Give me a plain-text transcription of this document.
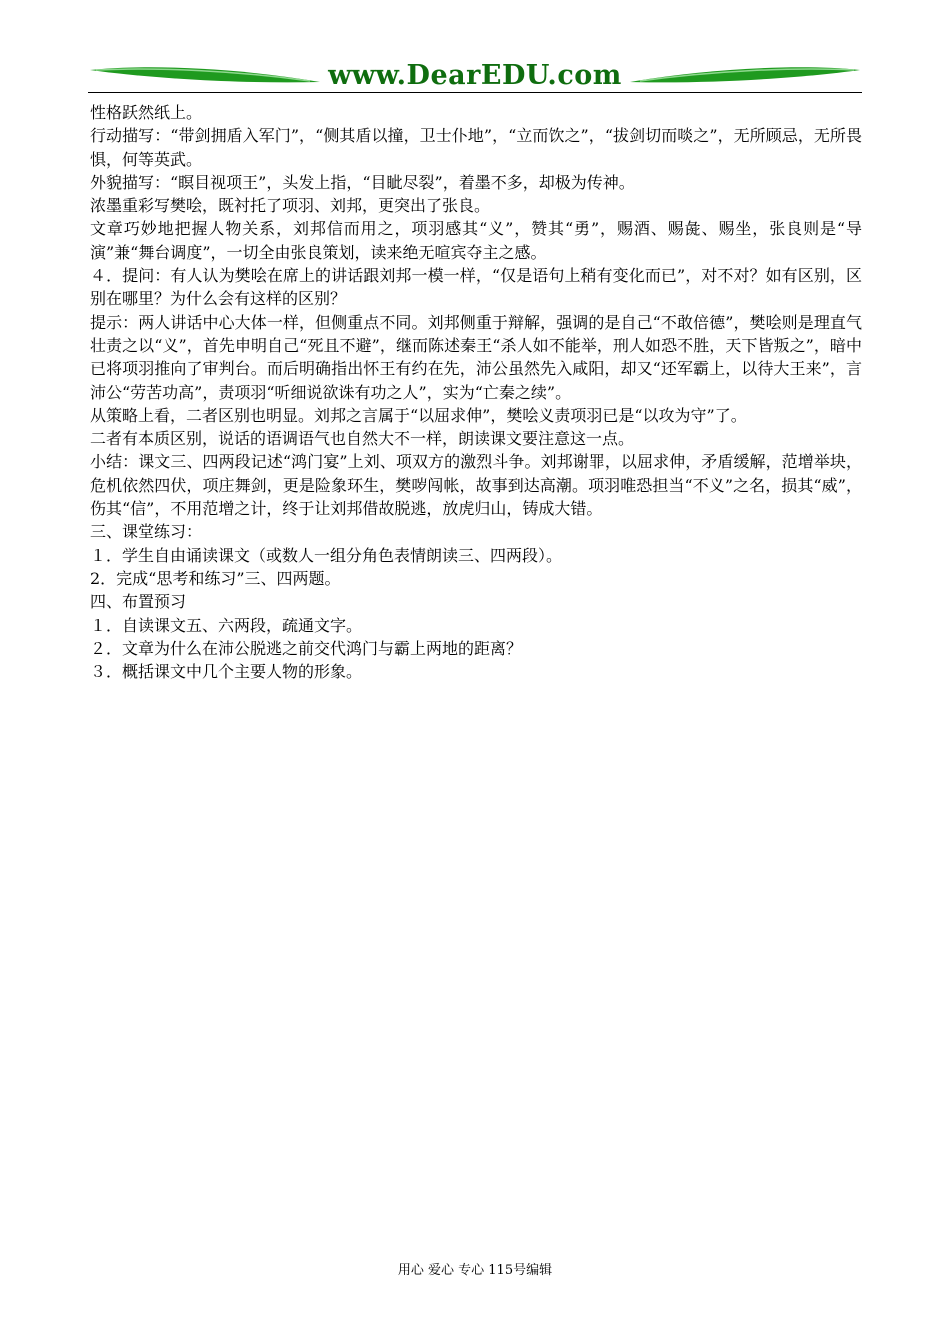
www.DearEDU.com

性格跃然纸上。

行动描写：“带剑拥盾入军门”，“侧其盾以撞，卫士仆地”，“立而饮之”，“拔剑切而啖之”，无所顾忌，无所畏惧，何等英武。

外貌描写：“瞑目视项王”，头发上指，“目眦尽裂”，着墨不多，却极为传神。

浓墨重彩写樊哙，既衬托了项羽、刘邦，更突出了张良。

文章巧妙地把握人物关系，刘邦信而用之，项羽感其“义”，赞其“勇”，赐酒、赐彘、赐坐，张良则是“导演”兼“舞台调度”，一切全由张良策划，读来绝无喧宾夺主之感。

４．提问：有人认为樊哙在席上的讲话跟刘邦一模一样，“仅是语句上稍有变化而已”，对不对？如有区别，区别在哪里？为什么会有这样的区别？

提示：两人讲话中心大体一样，但侧重点不同。刘邦侧重于辩解，强调的是自己“不敢倍德”，樊哙则是理直气壮责之以“义”，首先申明自己“死且不避”，继而陈述秦王“杀人如不能举，刑人如恐不胜，天下皆叛之”，暗中已将项羽推向了审判台。而后明确指出怀王有约在先，沛公虽然先入咸阳，却又“还军霸上，以待大王来”，言沛公“劳苦功高”，责项羽“听细说欲诛有功之人”，实为“亡秦之续”。

从策略上看，二者区别也明显。刘邦之言属于“以屈求伸”，樊哙义责项羽已是“以攻为守”了。

二者有本质区别，说话的语调语气也自然大不一样，朗读课文要注意这一点。

小结：课文三、四两段记述“鸿门宴”上刘、项双方的激烈斗争。刘邦谢罪，以屈求伸，矛盾缓解，范增举块，危机依然四伏，项庄舞剑，更是险象环生，樊哕闯帐，故事到达高潮。项羽唯恐担当“不义”之名，损其“威”，伤其“信”，不用范增之计，终于让刘邦借故脱逃，放虎归山，铸成大错。

三、课堂练习：

１．学生自由诵读课文（或数人一组分角色表情朗读三、四两段）。

2．完成“思考和练习”三、四两题。

四、布置预习

１．自读课文五、六两段，疏通文字。

２．文章为什么在沛公脱逃之前交代鸿门与霸上两地的距离？

３．概括课文中几个主要人物的形象。

用心 爱心 专心 115号编辑
